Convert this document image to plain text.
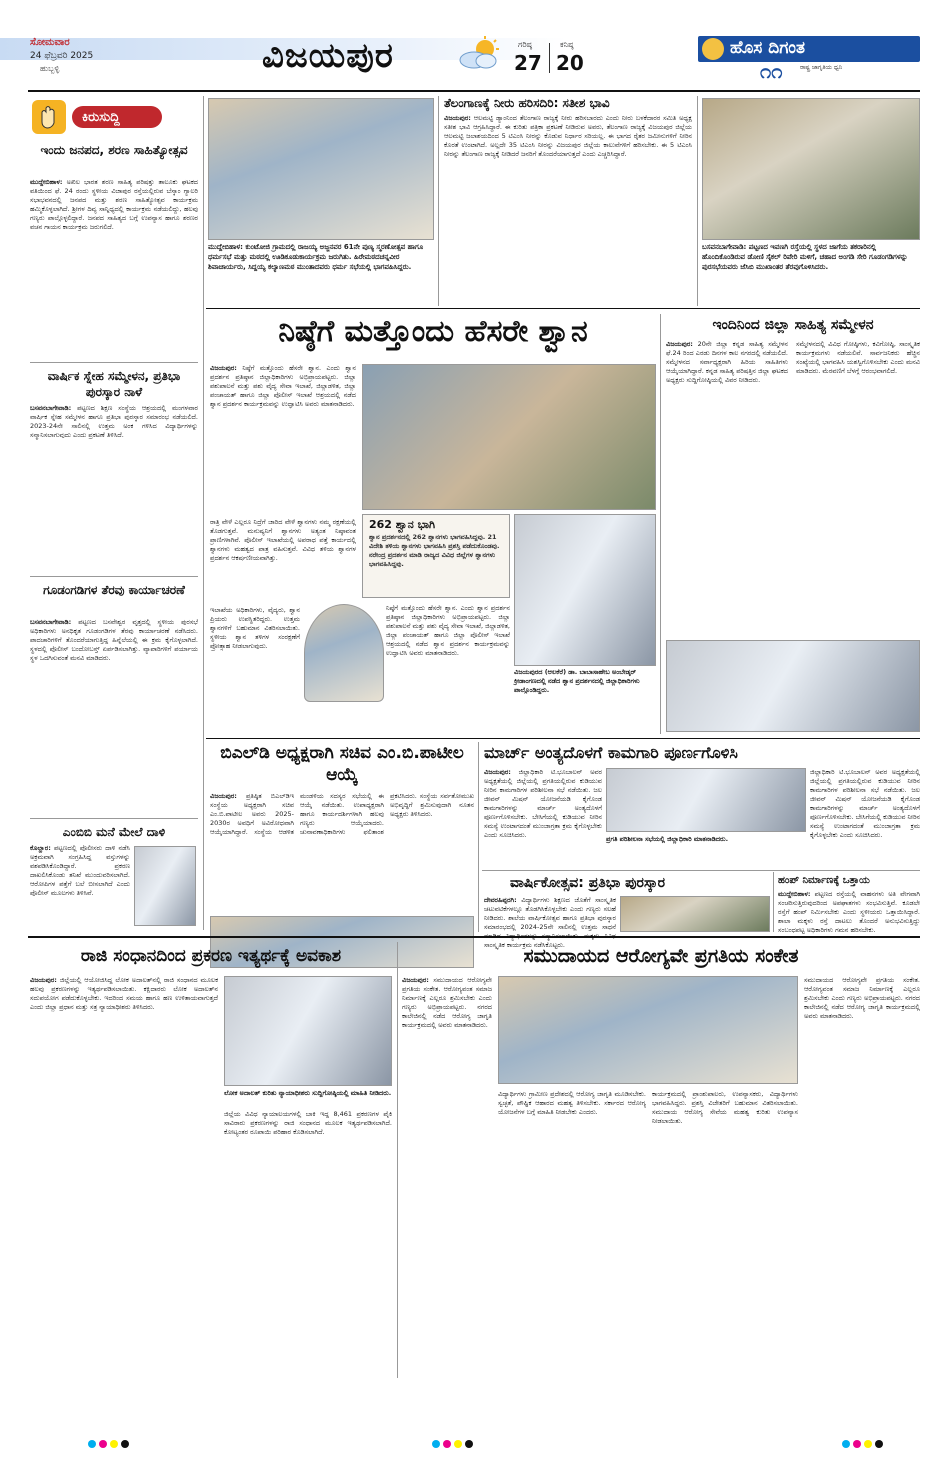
ಸೋಮವಾರ
24 ಫೆಬ್ರವರಿ 2025
ಹುಬ್ಬಳ್ಳಿ	ವಿಜಯಪುರ	ಗರಿಷ್ಠ
27
ಕನಿಷ್ಠ
20
ಹೊಸ ದಿಗಂತ
ರಾಷ್ಟ್ರ ಜಾಗೃತಿಯ ಧ್ವನಿ
೧೧
ಕಿರುಸುದ್ದಿ
ಇಂದು ಜನಪದ, ಶರಣ ಸಾಹಿತ್ಯೋತ್ಸವ
ಮುದ್ದೇಬಿಹಾಳ: ಅಖಿಲ ಭಾರತ ಶರಣ ಸಾಹಿತ್ಯ ಪರಿಷತ್ತು ತಾಲೂಕು ಘಟಕದ ವತಿಯಿಂದ ಫೆ. 24 ರಂದು ಸ್ಥಳೀಯ ವಿಜಾಪುರ ರಸ್ತೆಯಲ್ಲಿರುವ ಬೆಸ್ಕಾಂ ಗ್ಯಾಲರಿ ಸಭಾಭವನದಲ್ಲಿ ಜನಪದ ಮತ್ತು ಶರಣ ಸಾಹಿತ್ಯೋತ್ಸವ ಕಾರ್ಯಕ್ರಮ ಹಮ್ಮಿಕೊಳ್ಳಲಾಗಿದೆ. ಶ್ರೀಗಳ ದಿವ್ಯ ಸಾನ್ನಿಧ್ಯದಲ್ಲಿ ಕಾರ್ಯಕ್ರಮ ನಡೆಯಲಿದ್ದು, ಹಲವು ಗಣ್ಯರು ಪಾಲ್ಗೊಳ್ಳಲಿದ್ದಾರೆ. ಜನಪದ ಸಾಹಿತ್ಯದ ಬಗ್ಗೆ ಉಪನ್ಯಾಸ ಹಾಗೂ ಶರಣರ ವಚನ ಗಾಯನ ಕಾರ್ಯಕ್ರಮ ಜರುಗಲಿದೆ.
ವಾರ್ಷಿಕ ಸ್ನೇಹ ಸಮ್ಮೇಳನ, ಪ್ರತಿಭಾ ಪುರಸ್ಕಾರ ನಾಳೆ
ಬಸವನಬಾಗೇವಾಡಿ: ಪಟ್ಟಣದ ಶಿಕ್ಷಣ ಸಂಸ್ಥೆಯ ಆಶ್ರಯದಲ್ಲಿ ಮಂಗಳವಾರ ವಾರ್ಷಿಕ ಸ್ನೇಹ ಸಮ್ಮೇಳನ ಹಾಗೂ ಪ್ರತಿಭಾ ಪುರಸ್ಕಾರ ಸಮಾರಂಭ ನಡೆಯಲಿದೆ. 2023-24ನೇ ಸಾಲಿನಲ್ಲಿ ಉತ್ತಮ ಅಂಕ ಗಳಿಸಿದ ವಿದ್ಯಾರ್ಥಿಗಳನ್ನು ಸನ್ಮಾನಿಸಲಾಗುವುದು ಎಂದು ಪ್ರಕಟಣೆ ತಿಳಿಸಿದೆ.
ಗೂಡಂಗಡಿಗಳ ತೆರವು ಕಾರ್ಯಾಚರಣೆ
ಬಸವನಬಾಗೇವಾಡಿ: ಪಟ್ಟಣದ ಬಸವೇಶ್ವರ ವೃತ್ತದಲ್ಲಿ ಸ್ಥಳೀಯ ಪುರಸಭೆ ಅಧಿಕಾರಿಗಳು ಅನಧಿಕೃತ ಗೂಡಂಗಡಿಗಳ ತೆರವು ಕಾರ್ಯಾಚರಣೆ ನಡೆಸಿದರು. ಪಾದಚಾರಿಗಳಿಗೆ ತೊಂದರೆಯಾಗುತ್ತಿದ್ದ ಹಿನ್ನೆಲೆಯಲ್ಲಿ ಈ ಕ್ರಮ ಕೈಗೊಳ್ಳಲಾಗಿದೆ. ಸ್ಥಳದಲ್ಲಿ ಪೊಲೀಸ್ ಬಂದೋಬಸ್ತ್ ಏರ್ಪಡಿಸಲಾಗಿತ್ತು. ವ್ಯಾಪಾರಿಗಳಿಗೆ ಪರ್ಯಾಯ ಸ್ಥಳ ಒದಗಿಸುವಂತೆ ಮನವಿ ಮಾಡಿದರು.
ಎಂಬಿಬಿ ಮನೆ ಮೇಲೆ ದಾಳಿ
ಕೊಲ್ಹಾರ: ಪಟ್ಟಣದಲ್ಲಿ ಪೊಲೀಸರು ದಾಳಿ ನಡೆಸಿ ಅಕ್ರಮವಾಗಿ ಸಂಗ್ರಹಿಸಿದ್ದ ವಸ್ತುಗಳನ್ನು ವಶಪಡಿಸಿಕೊಂಡಿದ್ದಾರೆ. ಪ್ರಕರಣ ದಾಖಲಿಸಿಕೊಂಡು ತನಿಖೆ ಮುಂದುವರಿಸಲಾಗಿದೆ. ಆರೋಪಿಗಳ ಪತ್ತೆಗೆ ಬಲೆ ಬೀಸಲಾಗಿದೆ ಎಂದು ಪೊಲೀಸ್ ಮೂಲಗಳು ತಿಳಿಸಿವೆ.
ಮುದ್ದೇಬಿಹಾಳ: ಕುಂಟೋಜಿ ಗ್ರಾಮದಲ್ಲಿ ರಾಜಯ್ಯ ಅಜ್ಜನವರ 61ನೇ ಪುಣ್ಯ ಸ್ಮರಣೋತ್ಸವ ಹಾಗೂ ಧರ್ಮಸಭೆ ಮತ್ತು ಮಠದಲ್ಲಿ ಊಡಿಕೂಡುಕಾರ್ಯಕ್ರಮ ಜರುಗಿತು. ಹಿರೇಮಠದಚನ್ನವೀರ ಶಿವಾಚಾರ್ಯರು, ಸಿದ್ದಯ್ಯ ಕಲ್ಯಾಣಮಠ ಮುಂತಾದವರು ಧರ್ಮ ಸಭೆಯಲ್ಲಿ ಭಾಗವಹಿಸಿದ್ದರು.
ತೆಲಂಗಾಣಕ್ಕೆ ನೀರು ಹರಿಸದಿರಿ: ಸತೀಶ ಭಾವಿ
ವಿಜಯಪುರ: ಆಲಮಟ್ಟಿ ಡ್ಯಾಂನಿಂದ ತೆಲಂಗಾಣ ರಾಜ್ಯಕ್ಕೆ ನೀರು ಹರಿಸಬಾರದು ಎಂದು ನೀರು ಬಳಕೆದಾರರ ಸಮಿತಿ ಅಧ್ಯಕ್ಷ ಸತೀಶ ಭಾವಿ ಆಗ್ರಹಿಸಿದ್ದಾರೆ. ಈ ಕುರಿತು ಪತ್ರಿಕಾ ಪ್ರಕಟಣೆ ನೀಡಿರುವ ಅವರು, ತೆಲಂಗಾಣ ರಾಜ್ಯಕ್ಕೆ ವಿಜಯಪುರ ಜಿಲ್ಲೆಯ ಆಲಮಟ್ಟಿ ಜಲಾಶಯದಿಂದ 5 ಟಿಎಂಸಿ ನೀರನ್ನು ಕೊಡುವ ನಿರ್ಧಾರ ಸರಿಯಲ್ಲ. ಈ ಭಾಗದ ರೈತರ ಜಮೀನುಗಳಿಗೆ ನೀರಿನ ಕೊರತೆ ಉಂಟಾಗಿದೆ. ಅಲ್ಲದೇ 35 ಟಿಎಂಸಿ ನೀರನ್ನು ವಿಜಯಪುರ ಜಿಲ್ಲೆಯ ಕಾಲುವೆಗಳಿಗೆ ಹರಿಸಬೇಕು. ಈ 5 ಟಿಎಂಸಿ ನೀರನ್ನು ತೆಲಂಗಾಣ ರಾಜ್ಯಕ್ಕೆ ನೀಡಿದರೆ ಜನರಿಗೆ ತೊಂದರೆಯಾಗುತ್ತದೆ ಎಂದು ಎಚ್ಚರಿಸಿದ್ದಾರೆ.
ಬಸವನಬಾಗೇವಾಡಿ: ಪಟ್ಟಣದ ಇವಣಗಿ ರಸ್ತೆಯಲ್ಲಿ ಸ್ಥಳದ ಜಾಗೆಯ ತಕರಾರಿನಲ್ಲಿ ಹೊಂದಿಕೊಂಡಿರುವ ಡೋಣಿ ಸೈಕಲ್ ರಿಪೇರಿ ಮಳಿಗೆ, ಚಹಾದ ಅಂಗಡಿ ಸೇರಿ ಗೂಡಂಗಡಿಗಳನ್ನು ಪುರಸಭೆಯವರು ಜೆಸಿಬಿ ಮುಖಾಂತರ ತೆರವುಗೊಳಿಸಿದರು.
ನಿಷ್ಠೆಗೆ ಮತ್ತೊಂದು ಹೆಸರೇ ಶ್ವಾನ
ವಿಜಯಪುರ: ನಿಷ್ಠೆಗೆ ಮತ್ತೊಂದು ಹೆಸರೇ ಶ್ವಾನ. ಎಂದು ಶ್ವಾನ ಪ್ರದರ್ಶನ ಪ್ರತಿಷ್ಠಾನ ಜಿಲ್ಲಾಧಿಕಾರಿಗಳು ಅಭಿಪ್ರಾಯಪಟ್ಟರು. ಜಿಲ್ಲಾ ಪಶುಪಾಲನೆ ಮತ್ತು ಪಶು ವೈದ್ಯ ಸೇವಾ ಇಲಾಖೆ, ಜಿಲ್ಲಾಡಳಿತ, ಜಿಲ್ಲಾ ಪಂಚಾಯತ್ ಹಾಗೂ ಜಿಲ್ಲಾ ಪೊಲೀಸ್ ಇಲಾಖೆ ಆಶ್ರಯದಲ್ಲಿ ನಡೆದ ಶ್ವಾನ ಪ್ರದರ್ಶನ ಕಾರ್ಯಕ್ರಮವನ್ನು ಉದ್ಘಾಟಿಸಿ ಅವರು ಮಾತನಾಡಿದರು.
ರಾತ್ರಿ ವೇಳೆ ಎಲ್ಲರೂ ನಿದ್ರೆಗೆ ಜಾರಿದ ವೇಳೆ ಶ್ವಾನಗಳು ನಮ್ಮ ರಕ್ಷಣೆಯಲ್ಲಿ ತೊಡಗುತ್ತವೆ. ಮನುಷ್ಯನಿಗೆ ಶ್ವಾನಗಳು ಅತ್ಯಂತ ನಿಷ್ಠಾವಂತ ಪ್ರಾಣಿಗಳಾಗಿವೆ. ಪೊಲೀಸ್ ಇಲಾಖೆಯಲ್ಲಿ ಅಪರಾಧ ಪತ್ತೆ ಕಾರ್ಯದಲ್ಲಿ ಶ್ವಾನಗಳು ಮಹತ್ವದ ಪಾತ್ರ ವಹಿಸುತ್ತವೆ. ವಿವಿಧ ತಳಿಯ ಶ್ವಾನಗಳ ಪ್ರದರ್ಶನ ಆಕರ್ಷಣೀಯವಾಗಿತ್ತು.
262 ಶ್ವಾನ ಭಾಗಿ
ಶ್ವಾನ ಪ್ರದರ್ಶನದಲ್ಲಿ 262 ಶ್ವಾನಗಳು ಭಾಗವಹಿಸಿದ್ದವು. 21 ವಿದೇಶಿ ತಳಿಯ ಶ್ವಾನಗಳು ಭಾಗವಹಿಸಿ ಪ್ರಶಸ್ತಿ ಪಡೆದುಕೊಂಡವು. ನರೇಂದ್ರ ಪ್ರದರ್ಶನ ಮಾಡಿ ರಾಜ್ಯದ ವಿವಿಧ ಜಿಲ್ಲೆಗಳ ಶ್ವಾನಗಳು ಭಾಗವಹಿಸಿದ್ದವು.
ಇಲಾಖೆಯ ಅಧಿಕಾರಿಗಳು, ವೈದ್ಯರು, ಶ್ವಾನ ಪ್ರಿಯರು ಉಪಸ್ಥಿತರಿದ್ದರು. ಉತ್ತಮ ಶ್ವಾನಗಳಿಗೆ ಬಹುಮಾನ ವಿತರಿಸಲಾಯಿತು. ಸ್ಥಳೀಯ ಶ್ವಾನ ತಳಿಗಳ ಸಂರಕ್ಷಣೆಗೆ ಪ್ರೋತ್ಸಾಹ ನೀಡಲಾಗುವುದು.
ನಿಷ್ಠೆಗೆ ಮತ್ತೊಂದು ಹೆಸರೇ ಶ್ವಾನ. ಎಂದು ಶ್ವಾನ ಪ್ರದರ್ಶನ ಪ್ರತಿಷ್ಠಾನ ಜಿಲ್ಲಾಧಿಕಾರಿಗಳು ಅಭಿಪ್ರಾಯಪಟ್ಟರು. ಜಿಲ್ಲಾ ಪಶುಪಾಲನೆ ಮತ್ತು ಪಶು ವೈದ್ಯ ಸೇವಾ ಇಲಾಖೆ, ಜಿಲ್ಲಾಡಳಿತ, ಜಿಲ್ಲಾ ಪಂಚಾಯತ್ ಹಾಗೂ ಜಿಲ್ಲಾ ಪೊಲೀಸ್ ಇಲಾಖೆ ಆಶ್ರಯದಲ್ಲಿ ನಡೆದ ಶ್ವಾನ ಪ್ರದರ್ಶನ ಕಾರ್ಯಕ್ರಮವನ್ನು ಉದ್ಘಾಟಿಸಿ ಅವರು ಮಾತನಾಡಿದರು.
ವಿಜಯಪುರದ (ಆಲಕೆರೆ) ಡಾ. ಬಾಬಾಸಾಹೇಬ ಅಂಬೇಡ್ಕರ್ ಕ್ರೀಡಾಂಗಣದಲ್ಲಿ ನಡೆದ ಶ್ವಾನ ಪ್ರದರ್ಶನದಲ್ಲಿ ಜಿಲ್ಲಾಧಿಕಾರಿಗಳು ಪಾಲ್ಗೊಂಡಿದ್ದರು.
ಇಂದಿನಿಂದ ಜಿಲ್ಲಾ ಸಾಹಿತ್ಯ ಸಮ್ಮೇಳನ
ವಿಜಯಪುರ: 20ನೇ ಜಿಲ್ಲಾ ಕನ್ನಡ ಸಾಹಿತ್ಯ ಸಮ್ಮೇಳನ ಫೆ.24 ರಿಂದ ಎರಡು ದಿನಗಳ ಕಾಲ ನಗರದಲ್ಲಿ ನಡೆಯಲಿದೆ. ಸಮ್ಮೇಳನದ ಸರ್ವಾಧ್ಯಕ್ಷರಾಗಿ ಹಿರಿಯ ಸಾಹಿತಿಗಳು ಆಯ್ಕೆಯಾಗಿದ್ದಾರೆ. ಕನ್ನಡ ಸಾಹಿತ್ಯ ಪರಿಷತ್ತಿನ ಜಿಲ್ಲಾ ಘಟಕದ ಅಧ್ಯಕ್ಷರು ಸುದ್ದಿಗೋಷ್ಠಿಯಲ್ಲಿ ವಿವರ ನೀಡಿದರು.
ಸಮ್ಮೇಳನದಲ್ಲಿ ವಿವಿಧ ಗೋಷ್ಠಿಗಳು, ಕವಿಗೋಷ್ಠಿ, ಸಾಂಸ್ಕೃತಿಕ ಕಾರ್ಯಕ್ರಮಗಳು ನಡೆಯಲಿವೆ. ಸಾರ್ವಜನಿಕರು ಹೆಚ್ಚಿನ ಸಂಖ್ಯೆಯಲ್ಲಿ ಭಾಗವಹಿಸಿ ಯಶಸ್ವಿಗೊಳಿಸಬೇಕು ಎಂದು ಮನವಿ ಮಾಡಿದರು. ಮೆರವಣಿಗೆ ಬೆಳಗ್ಗೆ ಆರಂಭವಾಗಲಿದೆ.
ಬಿಎಲ್‌ಡಿ ಅಧ್ಯಕ್ಷರಾಗಿ ಸಚಿವ ಎಂ.ಬಿ.ಪಾಟೀಲ ಆಯ್ಕೆ
ವಿಜಯಪುರ: ಪ್ರತಿಷ್ಠಿತ ಬಿಎಲ್‌ಡಿಇ ಸಂಸ್ಥೆಯ ಅಧ್ಯಕ್ಷರಾಗಿ ಸಚಿವ ಎಂ.ಬಿ.ಪಾಟೀಲ ಅವರು 2025-2030ರ ಅವಧಿಗೆ ಅವಿರೋಧವಾಗಿ ಆಯ್ಕೆಯಾಗಿದ್ದಾರೆ. ಸಂಸ್ಥೆಯ ಆಡಳಿತ ಮಂಡಳಿಯ ಸದಸ್ಯರ ಸಭೆಯಲ್ಲಿ ಈ ಆಯ್ಕೆ ನಡೆಯಿತು. ಉಪಾಧ್ಯಕ್ಷರಾಗಿ ಹಾಗೂ ಕಾರ್ಯದರ್ಶಿಗಳಾಗಿ ಹಲವು ಗಣ್ಯರು ಆಯ್ಕೆಯಾದರು. ಚುನಾವಣಾಧಿಕಾರಿಗಳು ಫಲಿತಾಂಶ ಪ್ರಕಟಿಸಿದರು. ಸಂಸ್ಥೆಯ ಸರ್ವತೋಮುಖ ಅಭಿವೃದ್ಧಿಗೆ ಶ್ರಮಿಸುವುದಾಗಿ ನೂತನ ಅಧ್ಯಕ್ಷರು ತಿಳಿಸಿದರು.
ಮಾರ್ಚ್ ಅಂತ್ಯದೊಳಗೆ ಕಾಮಗಾರಿ ಪೂರ್ಣಗೊಳಿಸಿ
ವಿಜಯಪುರ: ಜಿಲ್ಲಾಧಿಕಾರಿ ಟಿ.ಭೂಬಾಲನ್ ಅವರ ಅಧ್ಯಕ್ಷತೆಯಲ್ಲಿ ಜಿಲ್ಲೆಯಲ್ಲಿ ಪ್ರಗತಿಯಲ್ಲಿರುವ ಕುಡಿಯುವ ನೀರಿನ ಕಾಮಗಾರಿಗಳ ಪರಿಶೀಲನಾ ಸಭೆ ನಡೆಯಿತು. ಜಲ ಜೀವನ್ ಮಿಷನ್ ಯೋಜನೆಯಡಿ ಕೈಗೊಂಡ ಕಾಮಗಾರಿಗಳನ್ನು ಮಾರ್ಚ್ ಅಂತ್ಯದೊಳಗೆ ಪೂರ್ಣಗೊಳಿಸಬೇಕು. ಬೇಸಿಗೆಯಲ್ಲಿ ಕುಡಿಯುವ ನೀರಿನ ಸಮಸ್ಯೆ ಉಂಟಾಗದಂತೆ ಮುಂಜಾಗ್ರತಾ ಕ್ರಮ ಕೈಗೊಳ್ಳಬೇಕು ಎಂದು ಸೂಚಿಸಿದರು.	ಪ್ರಗತಿ ಪರಿಶೀಲನಾ ಸಭೆಯಲ್ಲಿ ಜಿಲ್ಲಾಧಿಕಾರಿ ಮಾತನಾಡಿದರು.
ಜಿಲ್ಲಾಧಿಕಾರಿ ಟಿ.ಭೂಬಾಲನ್ ಅವರ ಅಧ್ಯಕ್ಷತೆಯಲ್ಲಿ ಜಿಲ್ಲೆಯಲ್ಲಿ ಪ್ರಗತಿಯಲ್ಲಿರುವ ಕುಡಿಯುವ ನೀರಿನ ಕಾಮಗಾರಿಗಳ ಪರಿಶೀಲನಾ ಸಭೆ ನಡೆಯಿತು. ಜಲ ಜೀವನ್ ಮಿಷನ್ ಯೋಜನೆಯಡಿ ಕೈಗೊಂಡ ಕಾಮಗಾರಿಗಳನ್ನು ಮಾರ್ಚ್ ಅಂತ್ಯದೊಳಗೆ ಪೂರ್ಣಗೊಳಿಸಬೇಕು. ಬೇಸಿಗೆಯಲ್ಲಿ ಕುಡಿಯುವ ನೀರಿನ ಸಮಸ್ಯೆ ಉಂಟಾಗದಂತೆ ಮುಂಜಾಗ್ರತಾ ಕ್ರಮ ಕೈಗೊಳ್ಳಬೇಕು ಎಂದು ಸೂಚಿಸಿದರು.
ವಾರ್ಷಿಕೋತ್ಸವ: ಪ್ರತಿಭಾ ಪುರಸ್ಕಾರ
ದೇವರಹಿಪ್ಪರಗಿ: ವಿದ್ಯಾರ್ಥಿಗಳು ಶಿಕ್ಷಣದ ಜೊತೆಗೆ ಸಾಂಸ್ಕೃತಿಕ ಚಟುವಟಿಕೆಗಳಲ್ಲೂ ತೊಡಗಿಸಿಕೊಳ್ಳಬೇಕು ಎಂದು ಗಣ್ಯರು ಸಲಹೆ ನೀಡಿದರು. ಶಾಲೆಯ ವಾರ್ಷಿಕೋತ್ಸವ ಹಾಗೂ ಪ್ರತಿಭಾ ಪುರಸ್ಕಾರ ಸಮಾರಂಭದಲ್ಲಿ 2024-25ನೇ ಸಾಲಿನಲ್ಲಿ ಉತ್ತಮ ಸಾಧನೆ ಸಾಂಸ್ಕೃತಿಕ ಕಾರ್ಯಕ್ರಮ ನಡೆಸಿಕೊಟ್ಟರು.
ಹಂಪ್ ನಿರ್ಮಾಣಕ್ಕೆ ಒತ್ತಾಯ
ಮುದ್ದೇಬಿಹಾಳ: ಪಟ್ಟಣದ ರಸ್ತೆಯಲ್ಲಿ ವಾಹನಗಳು ಅತಿ ವೇಗವಾಗಿ ಸಂಚರಿಸುತ್ತಿರುವುದರಿಂದ ಅಪಘಾತಗಳು ಸಂಭವಿಸುತ್ತಿವೆ. ಕೂಡಲೇ ರಸ್ತೆಗೆ ಹಂಪ್ ನಿರ್ಮಿಸಬೇಕು ಎಂದು ಸ್ಥಳೀಯರು ಒತ್ತಾಯಿಸಿದ್ದಾರೆ. ಶಾಲಾ ಮಕ್ಕಳು ರಸ್ತೆ ದಾಟಲು ತೊಂದರೆ ಅನುಭವಿಸುತ್ತಿದ್ದು ಸಂಬಂಧಪಟ್ಟ ಅಧಿಕಾರಿಗಳು ಗಮನ ಹರಿಸಬೇಕು.
ರಾಜಿ ಸಂಧಾನದಿಂದ ಪ್ರಕರಣ ಇತ್ಯರ್ಥಕ್ಕೆ ಅವಕಾಶ
ವಿಜಯಪುರ: ಜಿಲ್ಲೆಯಲ್ಲಿ ಆಯೋಜಿಸಿದ್ದ ಲೋಕ ಅದಾಲತ್‌ನಲ್ಲಿ ರಾಜಿ ಸಂಧಾನದ ಮೂಲಕ ಹಲವು ಪ್ರಕರಣಗಳನ್ನು ಇತ್ಯರ್ಥಪಡಿಸಲಾಯಿತು. ಕಕ್ಷಿದಾರರು ಲೋಕ ಅದಾಲತ್‌ನ ಸದುಪಯೋಗ ಪಡೆದುಕೊಳ್ಳಬೇಕು. ಇದರಿಂದ ಸಮಯ ಹಾಗೂ ಹಣ ಉಳಿತಾಯವಾಗುತ್ತದೆ ಎಂದು ಜಿಲ್ಲಾ ಪ್ರಧಾನ ಮತ್ತು ಸತ್ರ ನ್ಯಾಯಾಧೀಶರು ತಿಳಿಸಿದರು.
ಲೋಕ ಅದಾಲತ್ ಕುರಿತು ನ್ಯಾಯಾಧೀಶರು ಸುದ್ದಿಗೋಷ್ಠಿಯಲ್ಲಿ ಮಾಹಿತಿ ನೀಡಿದರು.
ಜಿಲ್ಲೆಯ ವಿವಿಧ ನ್ಯಾಯಾಲಯಗಳಲ್ಲಿ ಬಾಕಿ ಇದ್ದ 8,461 ಪ್ರಕರಣಗಳ ಪೈಕಿ ಸಾವಿರಾರು ಪ್ರಕರಣಗಳನ್ನು ರಾಜಿ ಸಂಧಾನದ ಮೂಲಕ ಇತ್ಯರ್ಥಪಡಿಸಲಾಗಿದೆ. ಕೋಟ್ಯಂತರ ರೂಪಾಯಿ ಪರಿಹಾರ ಕೊಡಿಸಲಾಗಿದೆ.
ಸಮುದಾಯದ ಆರೋಗ್ಯವೇ ಪ್ರಗತಿಯ ಸಂಕೇತ
ವಿಜಯಪುರ: ಸಮುದಾಯದ ಆರೋಗ್ಯವೇ ಪ್ರಗತಿಯ ಸಂಕೇತ. ಆರೋಗ್ಯವಂತ ಸಮಾಜ ನಿರ್ಮಾಣಕ್ಕೆ ಎಲ್ಲರೂ ಶ್ರಮಿಸಬೇಕು ಎಂದು ಗಣ್ಯರು ಅಭಿಪ್ರಾಯಪಟ್ಟರು. ನಗರದ ಕಾಲೇಜಿನಲ್ಲಿ ನಡೆದ ಆರೋಗ್ಯ ಜಾಗೃತಿ ಕಾರ್ಯಕ್ರಮದಲ್ಲಿ ಅವರು ಮಾತನಾಡಿದರು.
ವಿದ್ಯಾರ್ಥಿಗಳು ಗ್ರಾಮೀಣ ಪ್ರದೇಶದಲ್ಲಿ ಆರೋಗ್ಯ ಜಾಗೃತಿ ಮೂಡಿಸಬೇಕು. ಸ್ವಚ್ಛತೆ, ಪೌಷ್ಟಿಕ ಆಹಾರದ ಮಹತ್ವ ತಿಳಿಸಬೇಕು. ಸರ್ಕಾರದ ಆರೋಗ್ಯ ಯೋಜನೆಗಳ ಬಗ್ಗೆ ಮಾಹಿತಿ ನೀಡಬೇಕು ಎಂದರು.
ಕಾರ್ಯಕ್ರಮದಲ್ಲಿ ಪ್ರಾಂಶುಪಾಲರು, ಉಪನ್ಯಾಸಕರು, ವಿದ್ಯಾರ್ಥಿಗಳು ಭಾಗವಹಿಸಿದ್ದರು. ಪ್ರಶಸ್ತಿ ವಿಜೇತರಿಗೆ ಬಹುಮಾನ ವಿತರಿಸಲಾಯಿತು. ಸಮುದಾಯ ಆರೋಗ್ಯ ಸೇವೆಯ ಮಹತ್ವ ಕುರಿತು ಉಪನ್ಯಾಸ ನೀಡಲಾಯಿತು.
ಸಮುದಾಯದ ಆರೋಗ್ಯವೇ ಪ್ರಗತಿಯ ಸಂಕೇತ. ಆರೋಗ್ಯವಂತ ಸಮಾಜ ನಿರ್ಮಾಣಕ್ಕೆ ಎಲ್ಲರೂ ಶ್ರಮಿಸಬೇಕು ಎಂದು ಗಣ್ಯರು ಅಭಿಪ್ರಾಯಪಟ್ಟರು. ನಗರದ ಕಾಲೇಜಿನಲ್ಲಿ ನಡೆದ ಆರೋಗ್ಯ ಜಾಗೃತಿ ಕಾರ್ಯಕ್ರಮದಲ್ಲಿ ಅವರು ಮಾತನಾಡಿದರು.
